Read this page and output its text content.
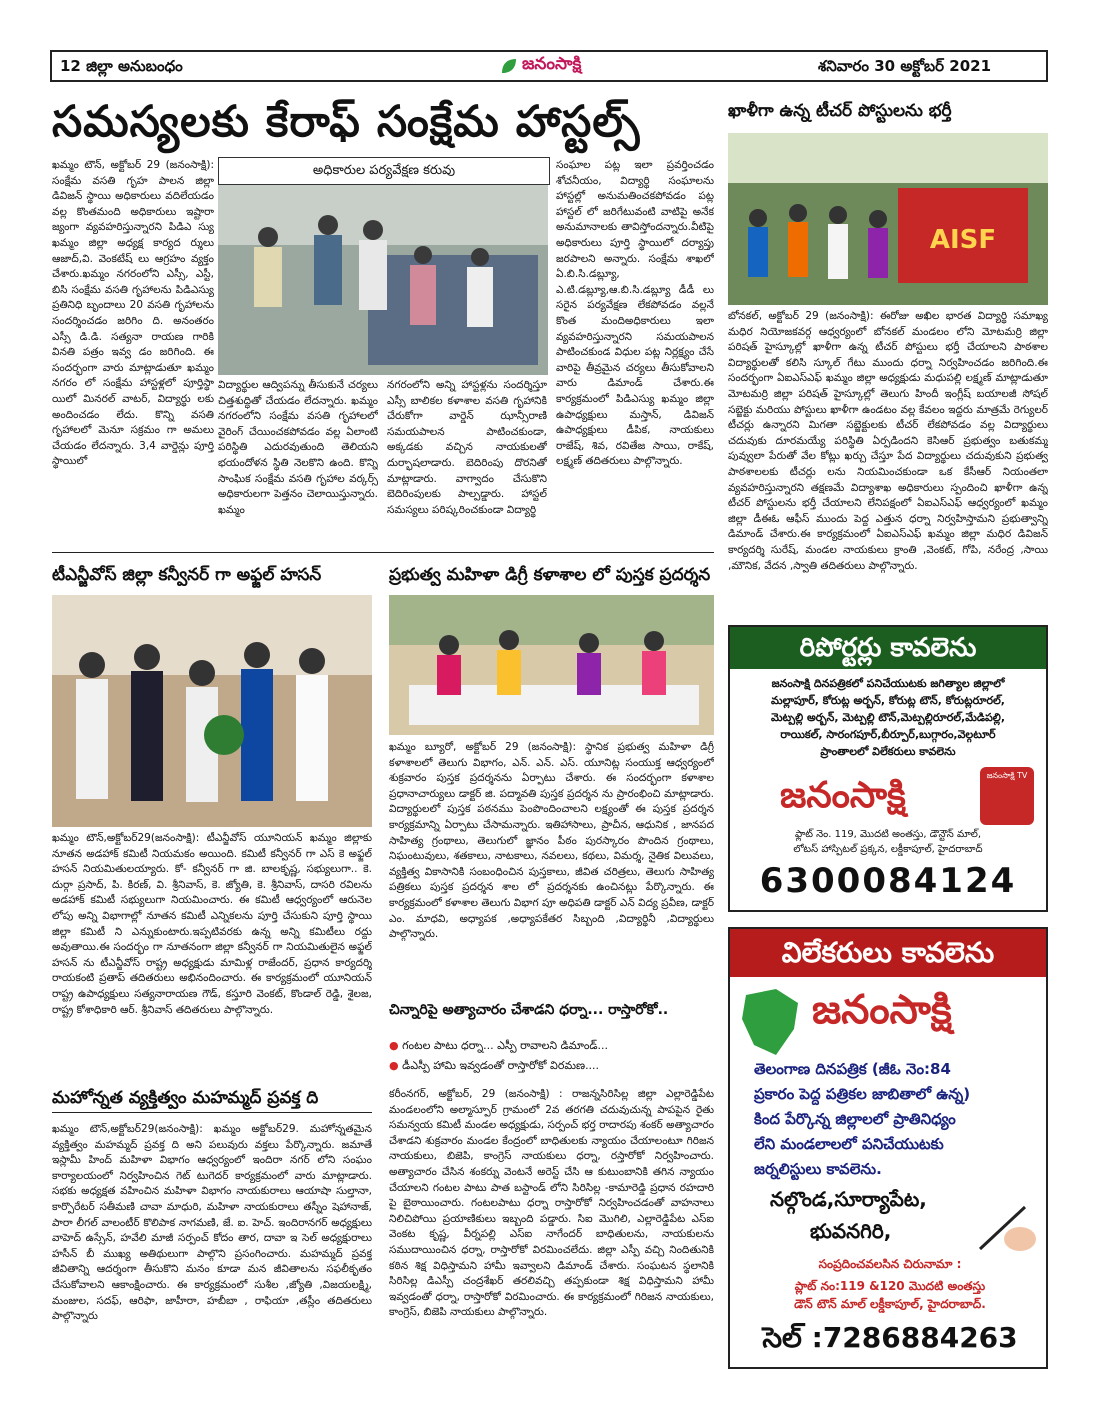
12 జిల్లా అనుబంధం	జనంసాక్షి	శనివారం 30 అక్టోబర్ 2021
సమస్యలకు కేరాఫ్ సంక్షేమ హాస్టల్స్
ఖమ్మం టౌన్, అక్టోబర్ 29 (జనంసాక్షి): సంక్షేమ వసతి గృహ పాలన జిల్లా డివిజన్ స్థాయి అధికారులు వదిలేయడం వల్ల కొంతమంది అధికారులు ఇష్టారా జ్యంగా వ్యవహరిస్తున్నారని పిడిఎ స్యు ఖమ్మం జిల్లా అధ్యక్ష కార్యద ర్శులు ఆజాద్,వి. వెంకటేష్ లు ఆగ్రహం వ్యక్తం చేశారు.ఖమ్మం నగరంలోని ఎస్సీ, ఎస్టీ, బిసి సంక్షేమ వసతి గృహాలను పిడిఎస్యు ప్రతినిధి బృందాలు 20 వసతి గృహాలను సందర్శించడం జరిగిం ది. అనంతరం ఎస్సీ డి.డి. సత్యనా రాయణ గారికి వినతి పత్రం ఇవ్వ డం జరిగింది. ఈ సందర్భంగా వారు మాట్లాడుతూ ఖమ్మం నగరం లో సంక్షేమ హాస్టళ్లలో పూర్తిస్థా యిలో మినరల్ వాటర్, విద్యార్థు లకు అందించడం లేదు. కొన్ని వసతి గృహాలలో మెనూ సక్రమం గా అమలు చేయడం లేదన్నారు. 3,4 వార్డెన్లు పూర్తి స్థాయిలో
అధికారుల పర్యవేక్షణ కరువు
విద్యార్థుల ఆద్విపన్ను తీసుకునే చర్యలు చిత్తశుద్ధితో చేయడం లేదన్నారు. ఖమ్మం నగరంలోని సంక్షేమ వసతి గృహాలలో వైరింగ్ చేయించకపోవడం వల్ల ఏలాంటి పరిస్థితి ఎదురవుతుంది తెలియని భయందోళన స్థితి నెలకొని ఉంది. కొన్ని సాంఘిక సంక్షేమ వసతి గృహాల వర్కర్స్ అధికారులగా పెత్తనం చెలాయిస్తున్నారు. ఖమ్మం
నగరంలోని అన్ని హాస్టళ్లను సందర్శిస్తూ ఎస్సీ బాలికల కళాశాల వసతి గృహానికి చేరుకోగా వార్డెన్ ఝాన్సీరాణి సమయపాలన పాటించకుండా, అక్కడకు వచ్చిన నాయకులతో దుర్భాషలాడారు. బెదిరింపు దొరనితో మాట్లాడారు. వాగ్వాదం చేసుకొని బెదిరింపులకు పాల్పడ్డారు. హాస్టల్ సమస్యలు పరిష్కరించకుండా విద్యార్థి
సంఘాల పట్ల ఇలా ప్రవర్తించడం శోచనీయం, విద్యార్థి సంఘాలను హాస్టల్లో అనుమతించకపోవడం పట్ల హాస్టల్ లో జరిగేటువంటి వాటిపై అనేక అనుమానాలకు తావిస్తోందన్నారు.వీటిపై అధికారులు పూర్తి స్థాయిలో దర్యాప్తు జరపాలని అన్నారు. సంక్షేమ శాఖలో ఏ.బి.సి.డబ్ల్యూ, ఎ.టి.డబ్ల్యూ,ఆ.బి.సి.డబ్ల్యూ డీడీ లు సరైన పర్యవేక్షణ లేకపోవడం వల్లనే కొంత మందిఅధికారులు ఇలా వ్యవహరిస్తున్నారని సమయపాలన పాటించకుండ విధుల పట్ల నిర్లక్ష్యం చేసే వారిపై తీవ్రమైన చర్యలు తీసుకోవాలని వారు డిమాండ్ చేశారు.ఈ కార్యక్రమంలో పిడిఎస్యు ఖమ్మం జిల్లా ఉపాధ్యక్షులు మస్తాన్, డివిజన్ ఉపాధ్యక్షులు డీపిక, నాయకులు రాజేష్, శివ, రవితేజ సాయి, రాకేష్, లక్ష్మణ్ తదితరులు పాల్గొన్నారు.
ఖాళీగా ఉన్న టీచర్ పోస్టులను భర్తీ
AISF
బోనకల్, అక్టోబర్ 29 (జనంసాక్షి): ఈరోజు అఖిల భారత విద్యార్థి సమాఖ్య మధిర నియోజకవర్గ ఆధ్వర్యంలో బోనకల్ మండలం లోని మోటమర్రి జిల్లా పరిషత్ హైస్కూల్లో ఖాళీగా ఉన్న టీచర్ పోస్టులు భర్తీ చేయాలని పాఠశాల విద్యార్థులతో కలిసి స్కూల్ గేటు ముందు ధర్నా నిర్వహించడం జరిగింది.ఈ సందర్భంగా ఏఐఎస్ఎఫ్ ఖమ్మం జిల్లా అధ్యక్షుడు మధుపల్లి లక్ష్మణ్ మాట్లాడుతూ మోటమర్రి జిల్లా పరిషత్ హైస్కూల్లో తెలుగు హిందీ ఇంగ్లీష్ బయాలజీ సోషల్ సబ్జెక్టు మరియు పోస్టులు ఖాళీగా ఉండటం వల్ల కేవలం ఇద్దరు మాత్రమే రెగ్యులర్ టీచర్లు ఉన్నారని మిగతా సబ్జెక్టులకు టీచర్ లేకపోవడం వల్ల విద్యార్థులు చదువుకు దూరమయ్యే పరిస్థితి ఏర్పడిందని కెసిఆర్ ప్రభుత్వం బతుకమ్మ పువ్వులా పేరుతో వేల కోట్లు ఖర్చు చేస్తూ పేద విద్యార్థులు చదువుకుని ప్రభుత్వ పాఠశాలలకు టీచర్లు లను నియమించకుండా ఒక కేసీఆర్ నియంతలా వ్యవహరిస్తున్నారని తక్షణమే విద్యాశాఖ అధికారులు స్పందించి ఖాళీగా ఉన్న టీచర్ పోస్టులను భర్తీ చేయాలని లేనిపక్షంలో ఏఐఎస్ఎఫ్ ఆధ్వర్యంలో ఖమ్మం జిల్లా డీఈఓ ఆఫీస్ ముందు పెద్ద ఎత్తున ధర్నా నిర్వహిస్తామని ప్రభుత్వాన్ని డిమాండ్ చేశారు.ఈ కార్యక్రమంలో ఏఐఎస్ఎఫ్ ఖమ్మం జిల్లా మధిర డివిజన్ కార్యదర్శి సురేష్, మండల నాయకులు క్రాంతి ,వెంకట్, గోపి, నరేంద్ర ,సాయి ,మౌనిక, వేదన ,స్వాతి తదితరులు పాల్గొన్నారు.
టీఎన్జీవోస్ జిల్లా కన్వీనర్ గా అఫ్జల్ హసన్
ఖమ్మం టౌన్,అక్టోబర్29(జనంసాక్షి): టీఎన్జీవోస్ యూనియన్ ఖమ్మం జిల్లాకు నూతన అడహాక్ కమిటీ నియమకం అయింది. కమిటీ కన్వీనర్ గా ఎస్ కె అఫ్జల్ హసన్ నియమితులయ్యారు. కో- కన్వీనర్ గా జి. బాలకృష్ణ, సభ్యులుగా.. కె. దుర్గా ప్రసాద్, పి. కిరణ్, వి. శ్రీనివాస్, కె. జ్యోతి, కె. శ్రీనివాస్, దాసరి రవిలను అడహాక్ కమిటీ సభ్యులుగా నియమించారు. ఈ కమిటీ ఆధ్వర్యంలో ఆరునెల లోపు అన్ని విభాగాల్లో నూతన కమిటీ ఎన్నికలను పూర్తి చేసుకుని పూర్తి స్థాయి జిల్లా కమిటీ ని ఎన్నుకుంటారు.ఇప్పటివరకు ఉన్న అన్ని కమిటీలు రద్దు అవుతాయి.ఈ సందర్భం గా నూతనంగా జిల్లా కన్వీనర్ గా నియమితులైన అఫ్జల్ హసన్ ను టీఎన్జీవోస్ రాష్ట్ర అధ్యక్షుడు మామిళ్ల రాజేందర్, ప్రధాన కార్యదర్శి రాయకంటి ప్రతాప్ తదితరులు అభినందించారు. ఈ కార్యక్రమంలో యూనియన్ రాష్ట్ర ఉపాధ్యక్షులు సత్యనారాయణ గౌడ్, కస్తూరి వెంకట్, కొండాల్ రెడ్డి, శైలజ, రాష్ట్ర కోశాధికారి ఆర్. శ్రీనివాస్ తదితరులు పాల్గొన్నారు.
మహోన్నత వ్యక్తిత్వం మహమ్మద్ ప్రవక్త ది
ఖమ్మం టౌన్,అక్టోబర్29(జనంసాక్షి): ఖమ్మం అక్టోబర్29. మహోన్నతమైన వ్యక్తిత్వం మహమ్మద్ ప్రవక్త ది అని పలువురు వక్తలు పేర్కొన్నారు. జమాతే ఇస్లామీ హింద్ మహిళా విభాగం ఆధ్వర్యంలో ఇందిరా నగర్ లోని సంఘం కార్యాలయంలో నిర్వహించిన గెట్ టుగెదర్ కార్యక్రమంలో వారు మాట్లాడారు. సభకు అధ్యక్షత వహించిన మహిళా విభాగం నాయకురాలు ఆయాషా సుల్తానా, కార్పొరేటర్ సతీమణి చావా మాధురి, మహిళా నాయకురాలు తస్నీం షెహానాజ్, పారా లీగల్ వాలంటీర్ కొలిపాక నాగమణి, జే. ఐ. హెచ్. ఇందిరానగర్ అధ్యక్షులు వాహెద్ ఉస్సేన్, హవేలి మాజీ సర్పంచ్ కోదం తార, దావా ఇ సెల్ అధ్యక్షురాలు హసీన్ బీ ముఖ్య అతిథులుగా పాల్గొని ప్రసంగించారు. మహమ్మద్ ప్రవక్త జీవితాన్ని ఆదర్శంగా తీసుకొని మనం కూడా మన జీవితాలను సఫలీకృతం చేసుకోవాలని ఆకాంక్షించారు. ఈ కార్యక్రమంలో సుశీల ,జ్యోతి ,విజయలక్ష్మి, మంజుల, సదఫ్, ఆరిఫా, జాహీరా, హబీబా , రాఫియా ,తస్లీం తదితరులు పాల్గొన్నారు
ప్రభుత్వ మహిళా డిగ్రీ కళాశాల లో పుస్తక ప్రదర్శన
ఖమ్మం బ్యూరో, అక్టోబర్ 29 (జనంసాక్షి): స్థానిక ప్రభుత్వ మహిళా డిగ్రీ కళాశాలలో తెలుగు విభాగం, ఎన్. ఎన్. ఎస్. యూనిట్ల సంయుక్త ఆధ్వర్యంలో శుక్రవారం పుస్తక ప్రదర్శనను ఏర్పాటు చేశారు. ఈ సందర్భంగా కళాశాల ప్రధానాచార్యులు డాక్టర్ జి. పద్మావతి పుస్తక ప్రదర్శన ను ప్రారంభించి మాట్లాడారు. విద్యార్థులలో పుస్తక పఠనము పెంపొందించాలని లక్ష్యంతో ఈ పుస్తక ప్రదర్శన కార్యక్రమాన్ని ఏర్పాటు చేసామన్నారు. ఇతిహాసాలు, ప్రాచీన, ఆధునిక , జానపద సాహిత్య గ్రంథాలు, తెలుగులో జ్ఞానం పీఠం పురస్కారం పొందిన గ్రంథాలు, నిఘంటువులు, శతకాలు, నాటకాలు, నవలలు, కథలు, విమర్శ, నైతిక విలువలు, వ్యక్తిత్వ వికాసానికి సంబంధించిన పుస్తకాలు, జీవిత చరిత్రలు, తెలుగు సాహిత్య పత్రికలు పుస్తక ప్రదర్శన శాల లో ప్రదర్శనకు ఉంచినట్లు పేర్కొన్నారు. ఈ కార్యక్రమంలో కళాశాల తెలుగు విభాగ పూ అధిపతి డాక్టర్ ఎన్ విద్య ప్రవీణ, డాక్టర్ ఎం. మాధవి, అధ్యాపక ,అధ్యాపకేతర సిబ్బంది ,విద్యార్థినీ ,విద్యార్థులు పాల్గొన్నారు.
చిన్నారిపై అత్యాచారం చేశాడని ధర్నా... రాస్తారోకో..
● గంటల పాటు ధర్నా... ఎస్పీ రావాలని డిమాండ్...
● డీఎస్పీ హామి ఇవ్వడంతో రాస్తారోకో విరమణ....
కరీంనగర్, అక్టోబర్, 29 (జనంసాక్షి) : రాజన్నసిరిసిల్ల జిల్లా ఎల్లారెడ్డిపేట మండలంలోని అల్మాస్పూర్ గ్రామంలో 2వ తరగతి చదువుచున్న పాపపైన రైతు సమన్వయ కమిటీ మండల అధ్యక్షుడు, సర్పంచ్ భర్త రాదారపు శంకర్ అత్యాచారం చేశాడని శుక్రవారం మండల కేంద్రంలో బాధితులకు న్యాయం చేయాలంటూ గిరిజన నాయకులు, బిజెపి, కాంగ్రెస్ నాయకులు ధర్నా, రస్తారోకో నిర్వహించారు. అత్యాచారం చేసిన శంకర్ను వెంటనే అరెస్ట్ చేసి ఆ కుటుంబానికి తగిన న్యాయం చేయాలని గంటల పాటు పాత బస్టాండ్ లోని సిరిసిల్ల -కామారెడ్డి ప్రధాన రహదారి పై బైఠాయించారు. గంటలపాటు ధర్నా రాస్తారోకో నిర్వహించడంతో వాహనాలు నిలిచిపోయి ప్రయాణికులు ఇబ్బంది పడ్డారు. సిఐ మొగిలి, ఎల్లారెడ్డిపేట ఎస్ఐ వెంకట కృష్ణ, వీర్నపల్లి ఎస్ఐ నాగేందర్ బాధితులను, నాయకులను సముదాయించిన ధర్నా, రాస్తారోకో విరమించలేదు. జిల్లా ఎస్పీ వచ్చి నిందితునికి కఠిన శిక్ష విధిస్తామని హామీ ఇవ్వాలని డిమాండ్ చేశారు. సంఘటన స్థలానికి సిరిసిల్ల డిఎస్పీ చంద్రశేఖర్ తరలివచ్చి తప్పకుండా శిక్ష విధిస్తామని హామీ ఇవ్వడంతో ధర్నా, రాస్తారోకో విరమించారు. ఈ కార్యక్రమంలో గిరిజన నాయకులు, కాంగ్రెస్, బిజెపి నాయకులు పాల్గొన్నారు.
రిపోర్టర్లు కావలెను
జనంసాక్షి దినపత్రికలో పనిచేయుటకు జగిత్యాల జిల్లాలో
మల్లాపూర్, కోరుట్ల అర్బన్, కోరుట్ల టౌన్, కోరుట్లరూరల్,
మెట్పల్లి అర్బన్, మెట్పల్లి టౌన్,మెట్పల్లిరూరల్,మేడిపల్లి,
రాయికల్, సారంగపూర్,బీర్పూర్,బుగ్గారం,వెల్గటూర్
ప్రాంతాలలో విలేకరులు కావలెను
జనంసాక్షి	జనంసాక్షి TV
ఫ్లాట్ నెం. 119, మొదటి అంతస్తు, డౌన్టౌన్ మాల్,
లోటస్ హాస్పిటల్ ప్రక్కన, లక్డీకాపూల్, హైదరాబాద్
6300084124
విలేకరులు కావలెను
జనంసాక్షి
తెలంగాణ దినపత్రిక (జీఓ నెం:84
ప్రకారం పెద్ద పత్రికల జాబితాలో ఉన్న)
కింద పేర్కొన్న జిల్లాలలో ప్రాతినిధ్యం
లేని మండలాలలో పనిచేయుటకు
జర్నలిస్టులు కావలెను.
నల్గొండ,సూర్యాపేట,
భువనగిరి,
సంప్రదించవలసిన చిరునామా :
ప్లాట్ నం:119 &120 మొదటి అంతస్తు
డౌన్ టౌన్ మాల్ లక్డీకాపూల్, హైదరాబాద్.
సెల్ :7286884263
